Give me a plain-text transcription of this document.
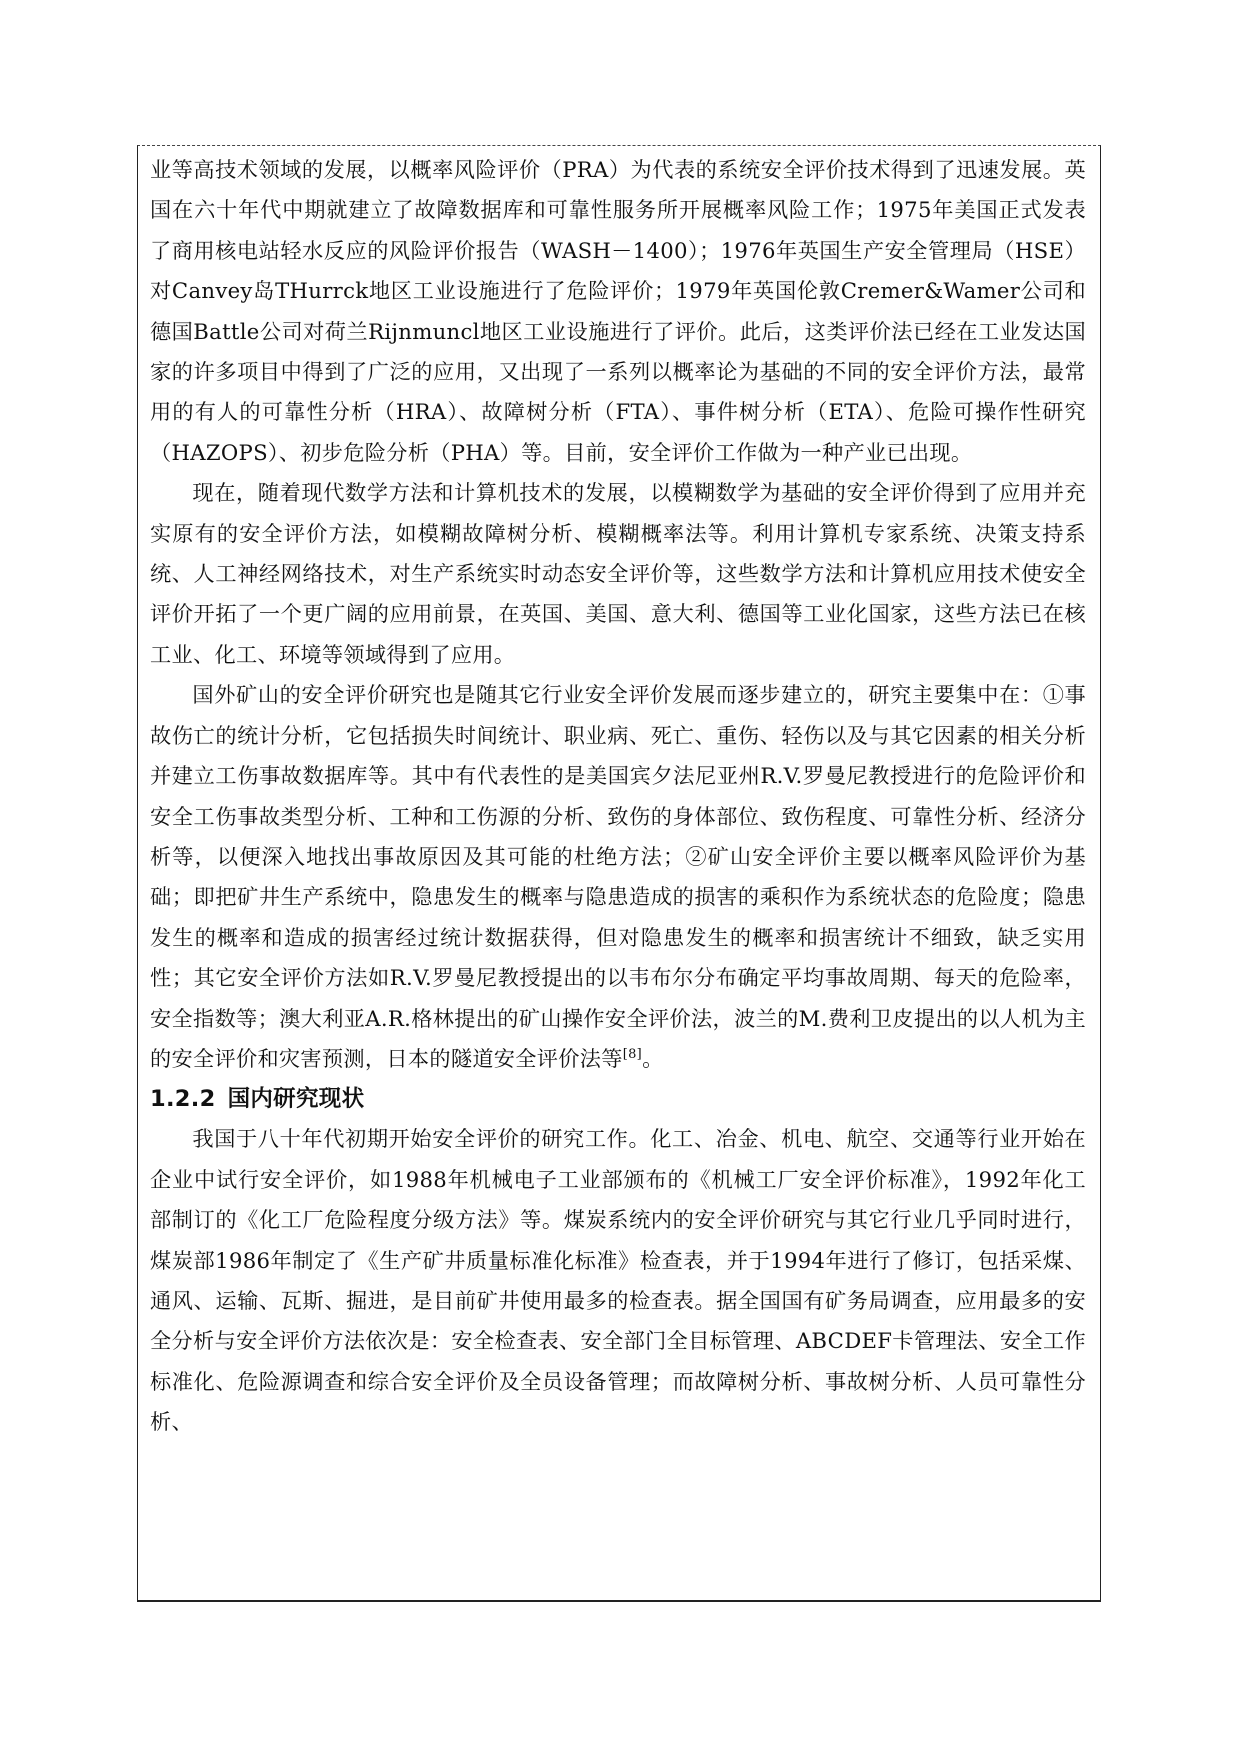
业等高技术领域的发展，以概率风险评价（PRA）为代表的系统安全评价技术得到了迅速发展。英国在六十年代中期就建立了故障数据库和可靠性服务所开展概率风险工作；1975年美国正式发表了商用核电站轻水反应的风险评价报告（WASH－1400）；1976年英国生产安全管理局（HSE）对Canvey岛THurrck地区工业设施进行了危险评价；1979年英国伦敦Cremer&Wamer公司和德国Battle公司对荷兰Rijnmuncl地区工业设施进行了评价。此后，这类评价法已经在工业发达国家的许多项目中得到了广泛的应用，又出现了一系列以概率论为基础的不同的安全评价方法，最常用的有人的可靠性分析（HRA）、故障树分析（FTA）、事件树分析（ETA）、危险可操作性研究（HAZOPS）、初步危险分析（PHA）等。目前，安全评价工作做为一种产业已出现。

现在，随着现代数学方法和计算机技术的发展，以模糊数学为基础的安全评价得到了应用并充实原有的安全评价方法，如模糊故障树分析、模糊概率法等。利用计算机专家系统、决策支持系统、人工神经网络技术，对生产系统实时动态安全评价等，这些数学方法和计算机应用技术使安全评价开拓了一个更广阔的应用前景，在英国、美国、意大利、德国等工业化国家，这些方法已在核工业、化工、环境等领域得到了应用。

国外矿山的安全评价研究也是随其它行业安全评价发展而逐步建立的，研究主要集中在：①事故伤亡的统计分析，它包括损失时间统计、职业病、死亡、重伤、轻伤以及与其它因素的相关分析并建立工伤事故数据库等。其中有代表性的是美国宾夕法尼亚州R.V.罗曼尼教授进行的危险评价和安全工伤事故类型分析、工种和工伤源的分析、致伤的身体部位、致伤程度、可靠性分析、经济分析等，以便深入地找出事故原因及其可能的杜绝方法；②矿山安全评价主要以概率风险评价为基础；即把矿井生产系统中，隐患发生的概率与隐患造成的损害的乘积作为系统状态的危险度；隐患发生的概率和造成的损害经过统计数据获得，但对隐患发生的概率和损害统计不细致，缺乏实用性；其它安全评价方法如R.V.罗曼尼教授提出的以韦布尔分布确定平均事故周期、每天的危险率，安全指数等；澳大利亚A.R.格林提出的矿山操作安全评价法，波兰的M.费利卫皮提出的以人机为主的安全评价和灾害预测，日本的隧道安全评价法等[8]。

1.2.2 国内研究现状

我国于八十年代初期开始安全评价的研究工作。化工、冶金、机电、航空、交通等行业开始在企业中试行安全评价，如1988年机械电子工业部颁布的《机械工厂安全评价标准》，1992年化工部制订的《化工厂危险程度分级方法》等。煤炭系统内的安全评价研究与其它行业几乎同时进行，煤炭部1986年制定了《生产矿井质量标准化标准》检查表，并于1994年进行了修订，包括采煤、通风、运输、瓦斯、掘进，是目前矿井使用最多的检查表。据全国国有矿务局调查，应用最多的安全分析与安全评价方法依次是：安全检查表、安全部门全目标管理、ABCDEF卡管理法、安全工作标准化、危险源调查和综合安全评价及全员设备管理；而故障树分析、事故树分析、人员可靠性分析、
